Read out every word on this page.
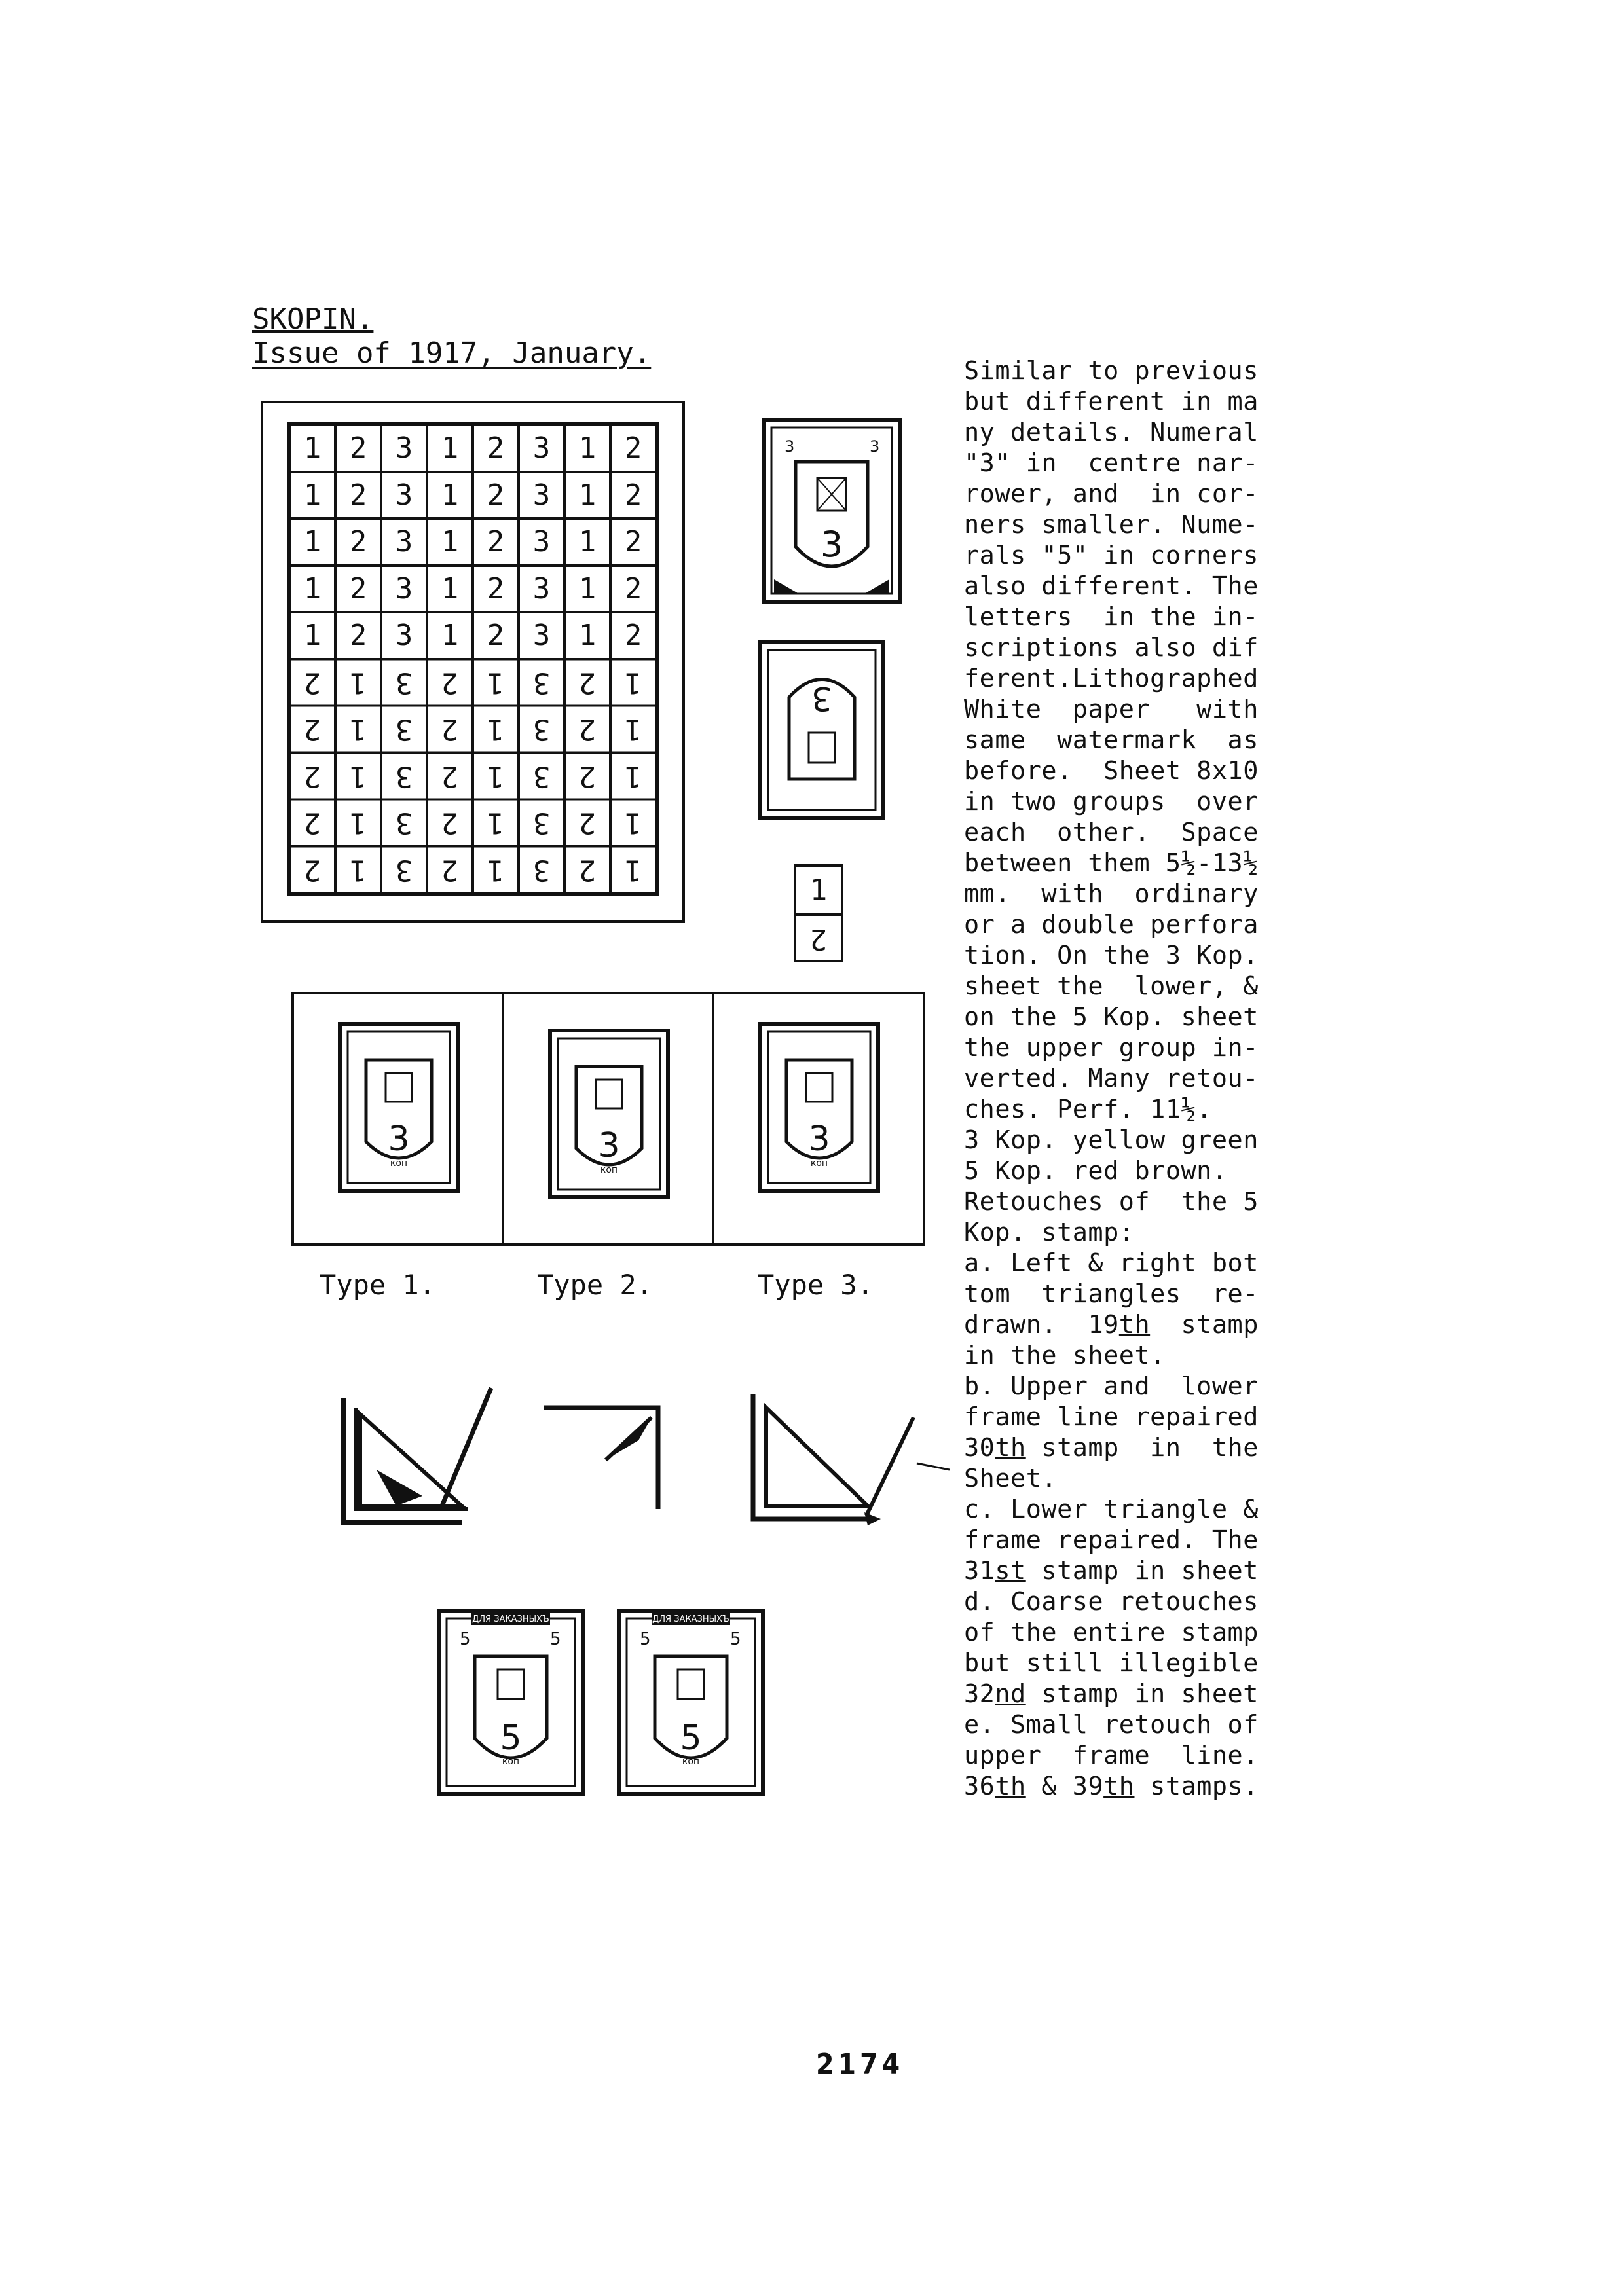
SKOPIN.
Issue of 1917, January.
1 2 3 1 2 3 1 2
1 2 3 1 2 3 1 2
1 2 3 1 2 3 1 2
1 2 3 1 2 3 1 2
1 2 3 1 2 3 1 2
2 1 3 2 1 3 2 1
2 1 3 2 1 3 2 1
2 1 3 2 1 3 2 1
2 1 3 2 1 3 2 1
2 1 3 2 1 3 2 1
3
3	3
3
1
2
3
коп	3
коп
3
коп
Type 1.	Type 2.	Type 3.
ДЛЯ ЗАКАЗНЫХЪ
5
коп
5	5
ДЛЯ ЗАКАЗНЫХЪ
5
коп
5	5
Similar to previous
but different in ma
ny details. Numeral
"3" in  centre nar-
rower, and  in cor-
ners smaller. Nume-
rals "5" in corners
also different. The
letters  in the in-
scriptions also dif
ferent.Lithographed
White  paper   with
same  watermark  as
before.  Sheet 8x10
in two groups  over
each  other.  Space
between them 5½-13½
mm.  with  ordinary
or a double perfora
tion. On the 3 Kop.
sheet the  lower, &
on the 5 Kop. sheet
the upper group in-
verted. Many retou-
ches. Perf. 11½.
3 Kop. yellow green
5 Kop. red brown.
Retouches of  the 5
Kop. stamp:
a. Left & right bot
tom  triangles  re-
drawn.  19th  stamp
in the sheet.
b. Upper and  lower
frame line repaired
30th stamp  in  the
Sheet.
c. Lower triangle &
frame repaired. The
31st stamp in sheet
d. Coarse retouches
of the entire stamp
but still illegible
32nd stamp in sheet
e. Small retouch of
upper  frame  line.
36th & 39th stamps.
2174
